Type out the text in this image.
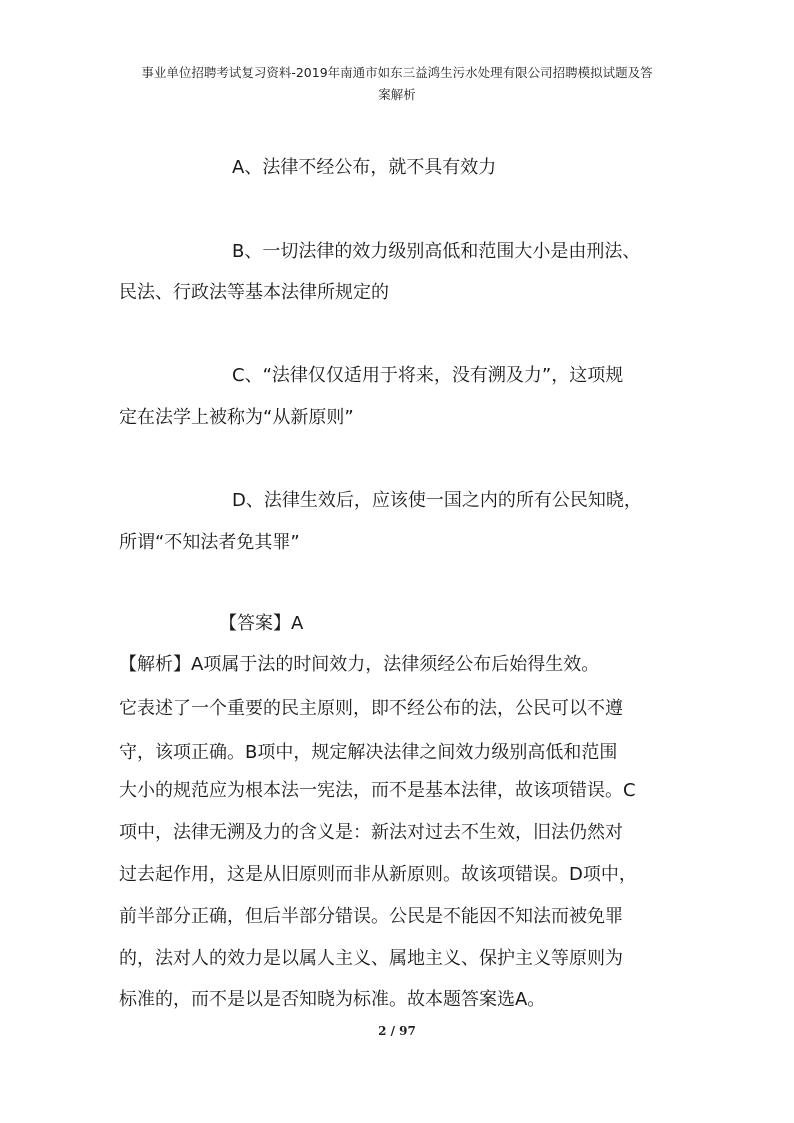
事业单位招聘考试复习资料-2019年南通市如东三益鸿生污水处理有限公司招聘模拟试题及答
案解析
A、法律不经公布，就不具有效力
B、一切法律的效力级别高低和范围大小是由刑法、
民法、行政法等基本法律所规定的
C、“法律仅仅适用于将来，没有溯及力”，这项规
定在法学上被称为“从新原则”
D、法律生效后，应该使一国之内的所有公民知晓，
所谓“不知法者免其罪”
【答案】A
【解析】A项属于法的时间效力，法律须经公布后始得生效。
它表述了一个重要的民主原则，即不经公布的法，公民可以不遵
守，该项正确。B项中，规定解决法律之间效力级别高低和范围
大小的规范应为根本法一宪法，而不是基本法律，故该项错误。C
项中，法律无溯及力的含义是：新法对过去不生效，旧法仍然对
过去起作用，这是从旧原则而非从新原则。故该项错误。D项中，
前半部分正确，但后半部分错误。公民是不能因不知法而被免罪
的，法对人的效力是以属人主义、属地主义、保护主义等原则为
标准的，而不是以是否知晓为标准。故本题答案选A。
2 / 97
